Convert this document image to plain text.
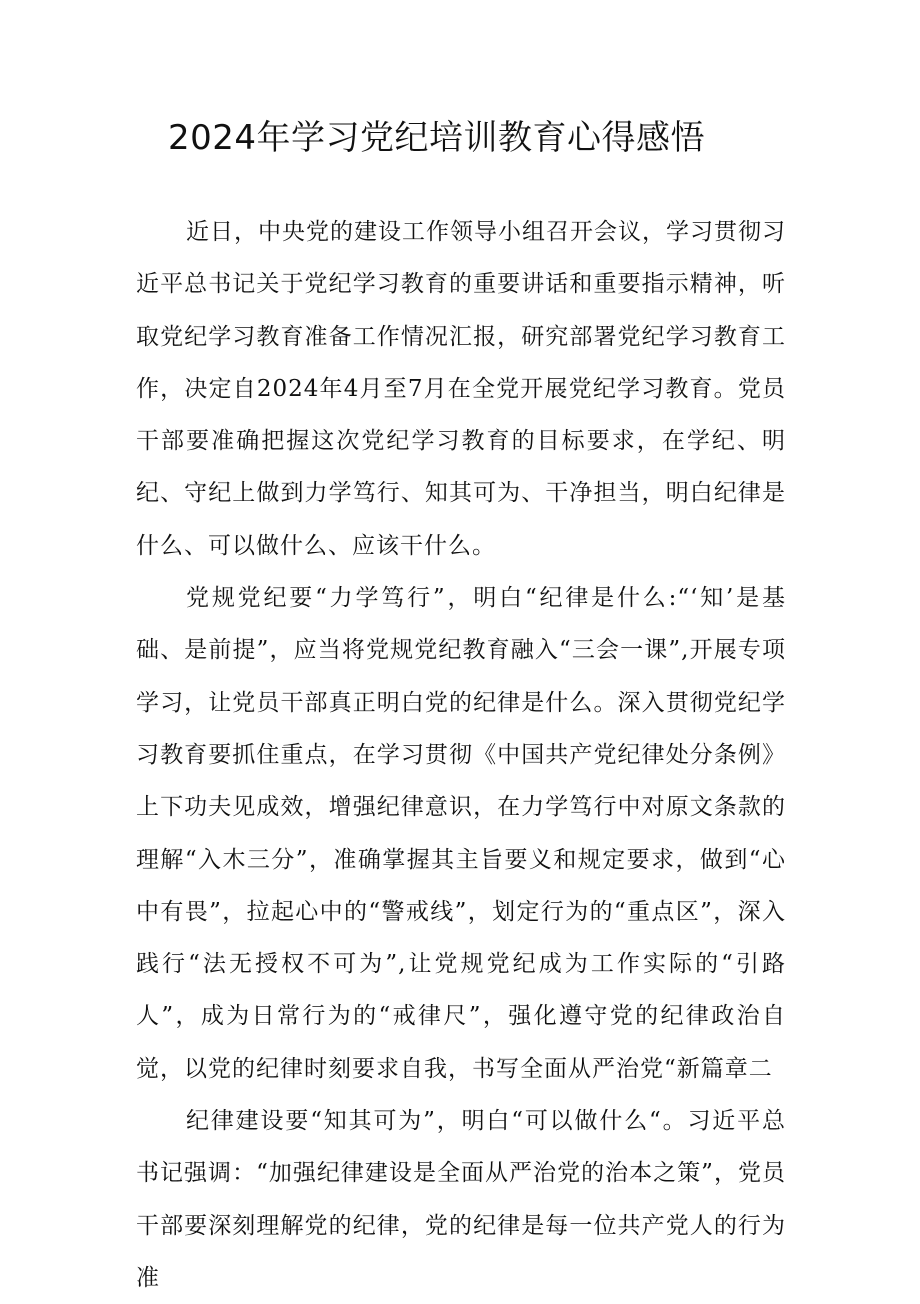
2024年学习党纪培训教育心得感悟

近日，中央党的建设工作领导小组召开会议，学习贯彻习近平总书记关于党纪学习教育的重要讲话和重要指示精神，听取党纪学习教育准备工作情况汇报，研究部署党纪学习教育工作，决定自2024年4月至7月在全党开展党纪学习教育。党员干部要准确把握这次党纪学习教育的目标要求，在学纪、明纪、守纪上做到力学笃行、知其可为、干净担当，明白纪律是什么、可以做什么、应该干什么。

党规党纪要“力学笃行”，明白“纪律是什么:“‘知’是基础、是前提”，应当将党规党纪教育融入“三会一课”,开展专项学习，让党员干部真正明白党的纪律是什么。深入贯彻党纪学习教育要抓住重点，在学习贯彻《中国共产党纪律处分条例》上下功夫见成效，增强纪律意识，在力学笃行中对原文条款的理解“入木三分”，准确掌握其主旨要义和规定要求，做到“心中有畏”，拉起心中的“警戒线”，划定行为的“重点区”，深入践行“法无授权不可为”,让党规党纪成为工作实际的“引路人”，成为日常行为的“戒律尺”，强化遵守党的纪律政治自觉，以党的纪律时刻要求自我，书写全面从严治党“新篇章二

纪律建设要“知其可为”，明白“可以做什么“。习近平总书记强调：“加强纪律建设是全面从严治党的治本之策”，党员干部要深刻理解党的纪律，党的纪律是每一位共产党人的行为准
